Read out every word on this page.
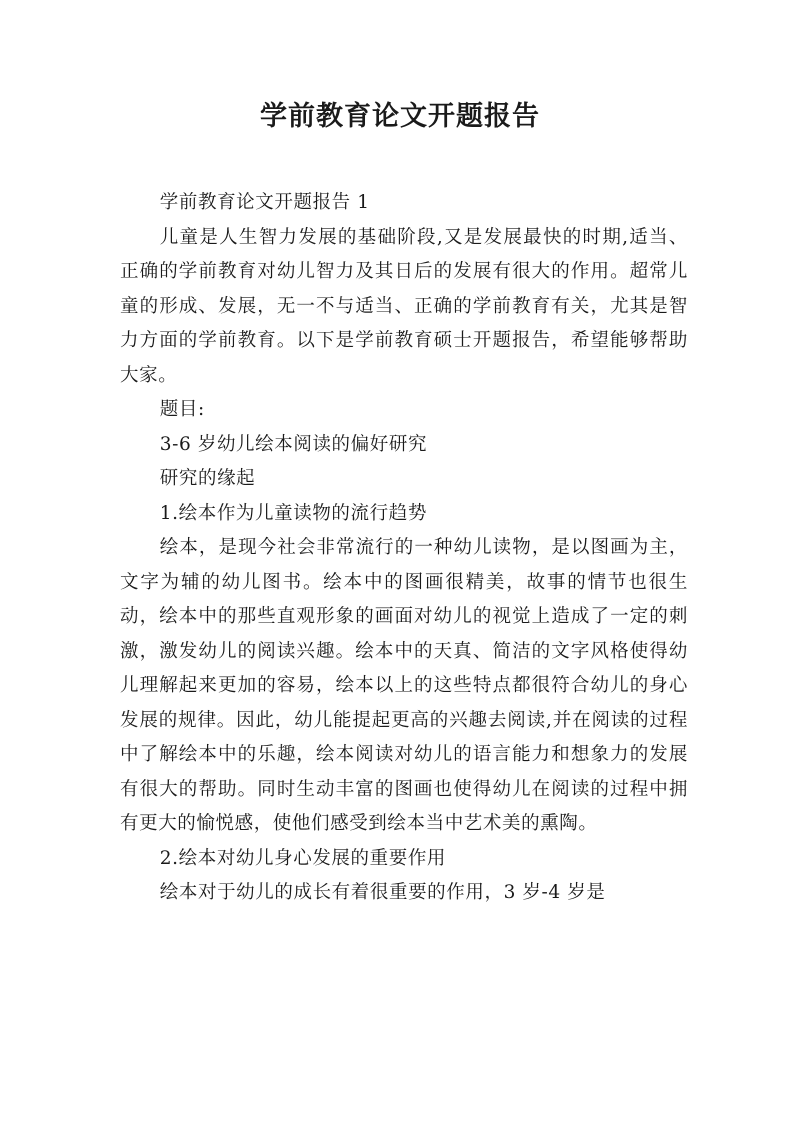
学前教育论文开题报告

学前教育论文开题报告 1

儿童是人生智力发展的基础阶段,又是发展最快的时期,适当、正确的学前教育对幼儿智力及其日后的发展有很大的作用。超常儿童的形成、发展，无一不与适当、正确的学前教育有关，尤其是智力方面的学前教育。以下是学前教育硕士开题报告，希望能够帮助大家。

题目:

3-6 岁幼儿绘本阅读的偏好研究

研究的缘起

1.绘本作为儿童读物的流行趋势

绘本，是现今社会非常流行的一种幼儿读物，是以图画为主，文字为辅的幼儿图书。绘本中的图画很精美，故事的情节也很生动，绘本中的那些直观形象的画面对幼儿的视觉上造成了一定的刺激，激发幼儿的阅读兴趣。绘本中的天真、简洁的文字风格使得幼儿理解起来更加的容易，绘本以上的这些特点都很符合幼儿的身心发展的规律。因此，幼儿能提起更高的兴趣去阅读,并在阅读的过程中了解绘本中的乐趣，绘本阅读对幼儿的语言能力和想象力的发展有很大的帮助。同时生动丰富的图画也使得幼儿在阅读的过程中拥有更大的愉悦感，使他们感受到绘本当中艺术美的熏陶。

2.绘本对幼儿身心发展的重要作用

绘本对于幼儿的成长有着很重要的作用，3 岁-4 岁是
